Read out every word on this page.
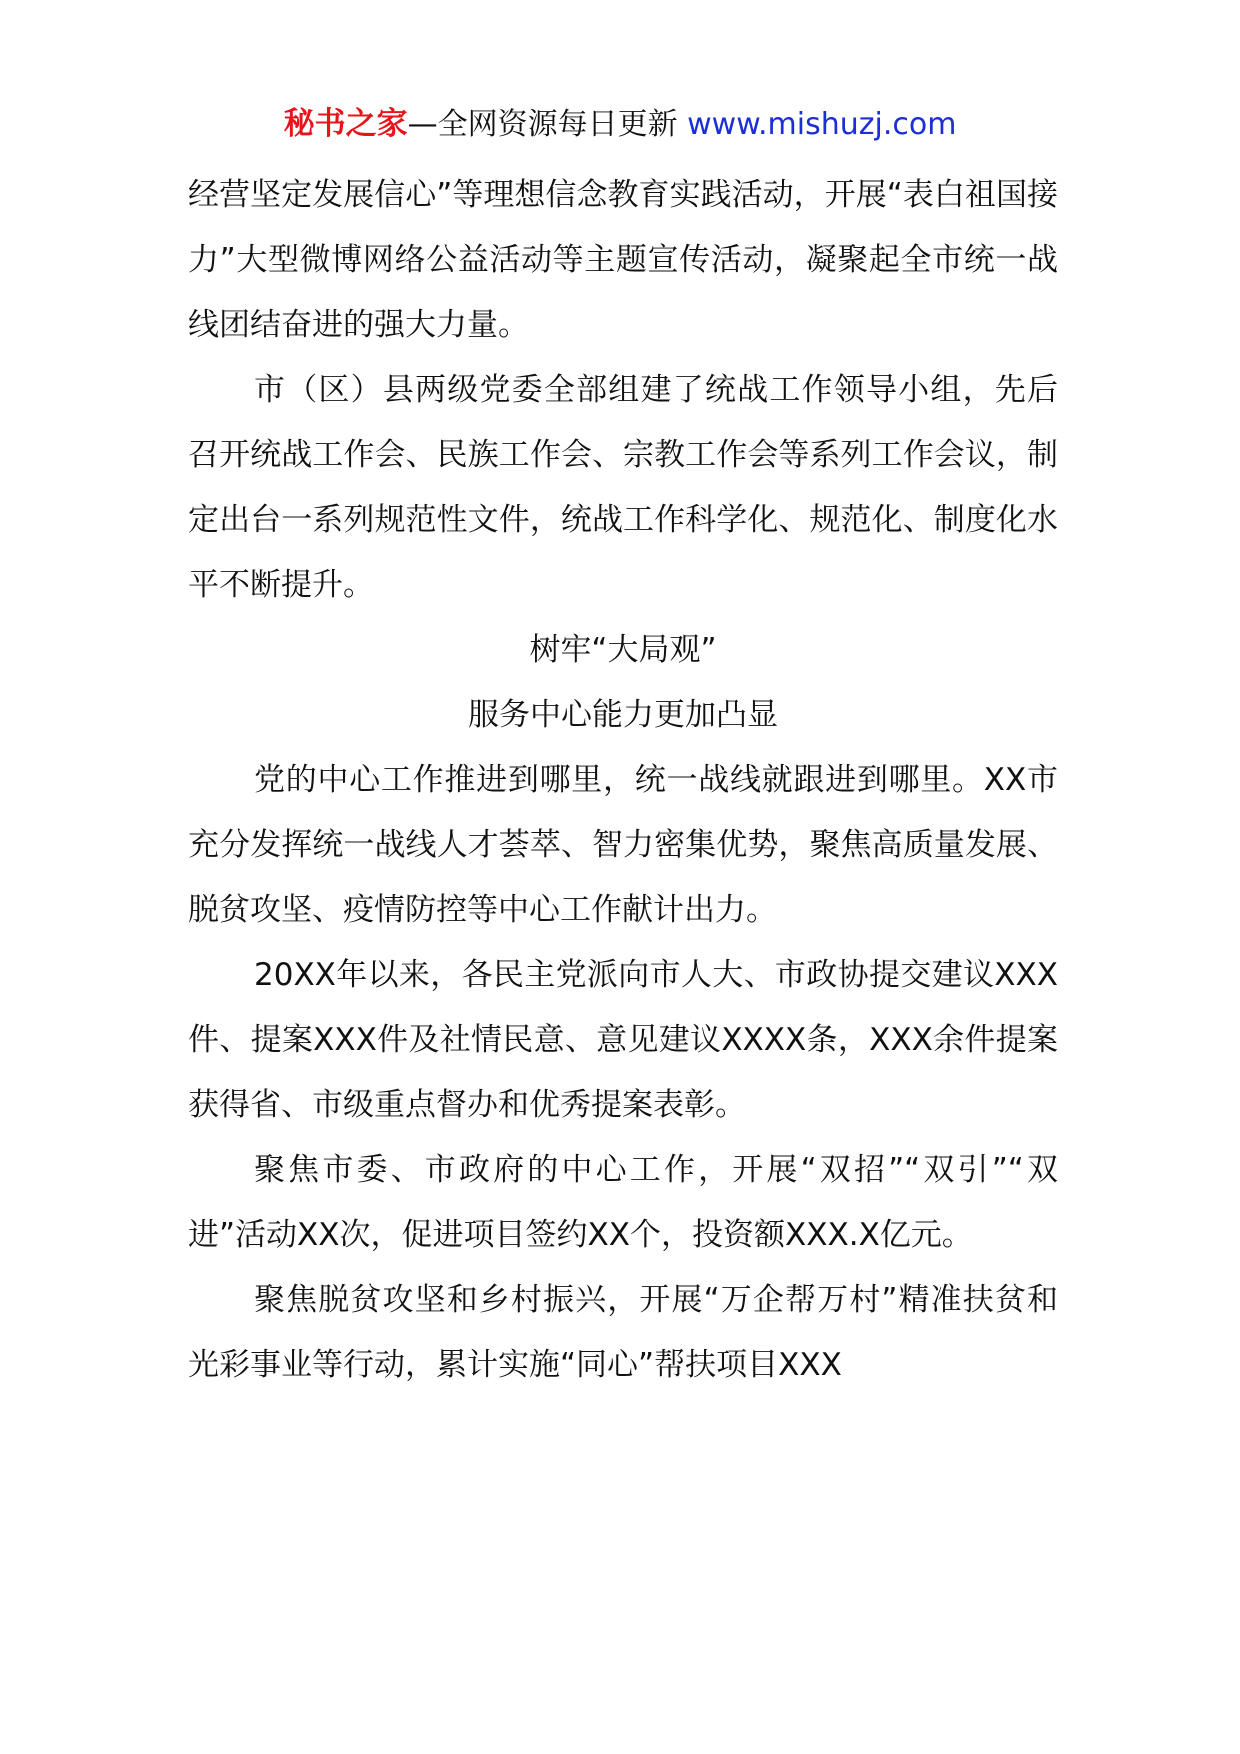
秘书之家—全网资源每日更新 www.mishuzj.com

经营坚定发展信心”等理想信念教育实践活动，开展“表白祖国接力”大型微博网络公益活动等主题宣传活动，凝聚起全市统一战线团结奋进的强大力量。

市（区）县两级党委全部组建了统战工作领导小组，先后召开统战工作会、民族工作会、宗教工作会等系列工作会议，制定出台一系列规范性文件，统战工作科学化、规范化、制度化水平不断提升。

树牢“大局观”

服务中心能力更加凸显

党的中心工作推进到哪里，统一战线就跟进到哪里。XX市充分发挥统一战线人才荟萃、智力密集优势，聚焦高质量发展、脱贫攻坚、疫情防控等中心工作献计出力。

20XX年以来，各民主党派向市人大、市政协提交建议XXX件、提案XXX件及社情民意、意见建议XXXX条，XXX余件提案获得省、市级重点督办和优秀提案表彰。

聚焦市委、市政府的中心工作，开展“双招”“双引”“双进”活动XX次，促进项目签约XX个，投资额XXX.X亿元。

聚焦脱贫攻坚和乡村振兴，开展“万企帮万村”精准扶贫和光彩事业等行动，累计实施“同心”帮扶项目XXX
